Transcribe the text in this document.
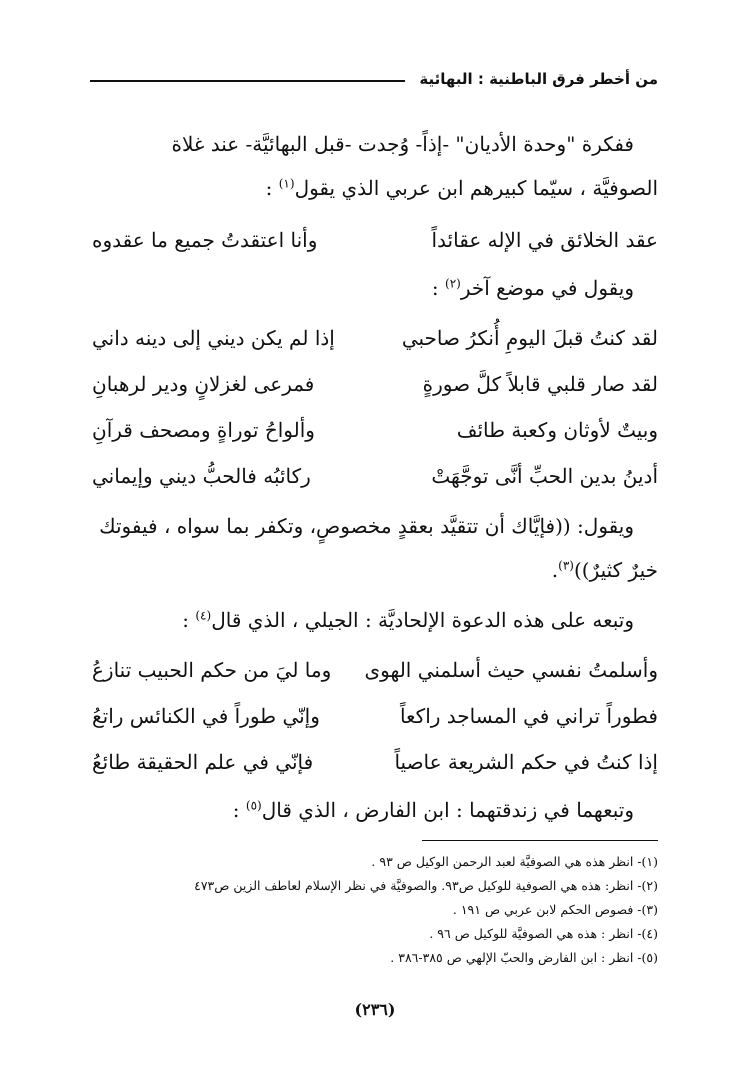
من أخطر فرق الباطنية : البهائية
ففكرة "وحدة الأديان" -إذاً- وُجدت -قبل البهائيَّة- عند غلاة
الصوفيَّة ، سيّما كبيرهم ابن عربي الذي يقول$^{(١)}$ :
عقد الخلائق في الإله عقائداً
وأنا اعتقدتُ جميع ما عقدوه
ويقول في موضع آخر$^{(٢)}$ :
لقد كنتُ قبلَ اليومِ أُنكرُ صاحبي
إذا لم يكن ديني إلى دينه داني
لقد صار قلبي قابلاً كلَّ صورةٍ
فمرعى لغزلانٍ ودير لرهبانِ
وبيتٌ لأوثان وكعبة طائف
وألواحُ توراةٍ ومصحف قرآنِ
أدينُ بدين الحبِّ أنَّى توجَّهَتْ
ركائبُه فالحبُّ ديني وإيماني
ويقول: ((فإيَّاك أن تتقيَّد بعقدٍ مخصوصٍ، وتكفر بما سواه ، فيفوتك
خيرٌ كثيرٌ))$^{(٣)}$.
وتبعه على هذه الدعوة الإلحاديَّة : الجيلي ، الذي قال$^{(٤)}$ :
وأسلمتُ نفسي حيث أسلمني الهوى
وما ليَ من حكم الحبيب تنازعُ
فطوراً تراني في المساجد راكعاً
وإنّي طوراً في الكنائس راتعُ
إذا كنتُ في حكم الشريعة عاصياً
فإنّي في علم الحقيقة طائعُ
وتبعهما في زندقتهما : ابن الفارض ، الذي قال$^{(٥)}$ :
(١)- انظر هذه هي الصوفيَّة لعبد الرحمن الوكيل ص ٩٣ .
(٢)- انظر: هذه هي الصوفية للوكيل ص٩٣. والصوفيَّة في نظر الإسلام لعاطف الزين ص٤٧٣
(٣)- فصوص الحكم لابن عربي ص ١٩١ .
(٤)- انظر : هذه هي الصوفيَّة للوكيل ص ٩٦ .
(٥)- انظر : ابن الفارض والحبّ الإلهي ص ٣٨٥-٣٨٦ .
(٢٣٦)
